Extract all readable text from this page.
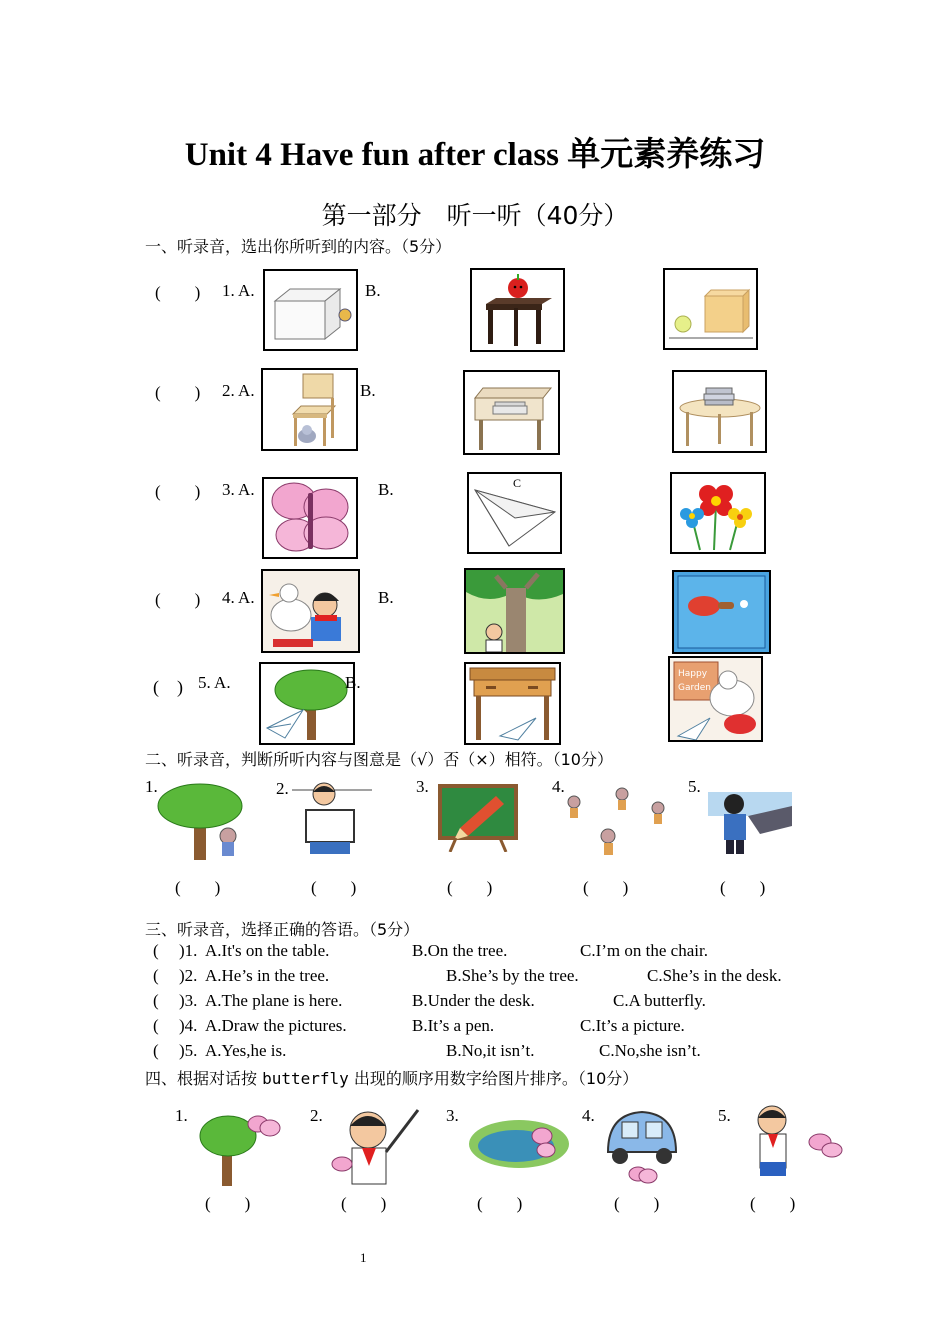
Unit 4 Have fun after class 单元素养练习
第一部分　听一听（40分）
一、听录音，选出你所听到的内容。（5分）
(　　) 1. A.	B.
(　　) 2. A.	B.
(　　) 3. A.	B.	C
(　　) 4. A.	B.
(　) 5. A.	B.	Happy
Garden
二、听录音，判断所听内容与图意是（√）否（×）相符。（10分）
1.
(　　)
2.
(　　)
3.
(　　)
4.
(　　)
5.
(　　)
三、听录音，选择正确的答语。（5分）
( )1. A.It's on the table.	B.On the tree.	C.I’m on the chair.
( )2. A.He’s in the tree.	B.She’s by the tree.	C.She’s in the desk.
( )3. A.The plane is here.	B.Under the desk.	C.A butterfly.
( )4. A.Draw the pictures.	B.It’s a pen.	C.It’s a picture.
( )5. A.Yes,he is.	B.No,it isn’t.	C.No,she isn’t.
四、根据对话按 butterfly 出现的顺序用数字给图片排序。（10分）
1.
(　　)
2.
(　　)
3.
(　　)
4.
(　　)
5.
(　　)
1
